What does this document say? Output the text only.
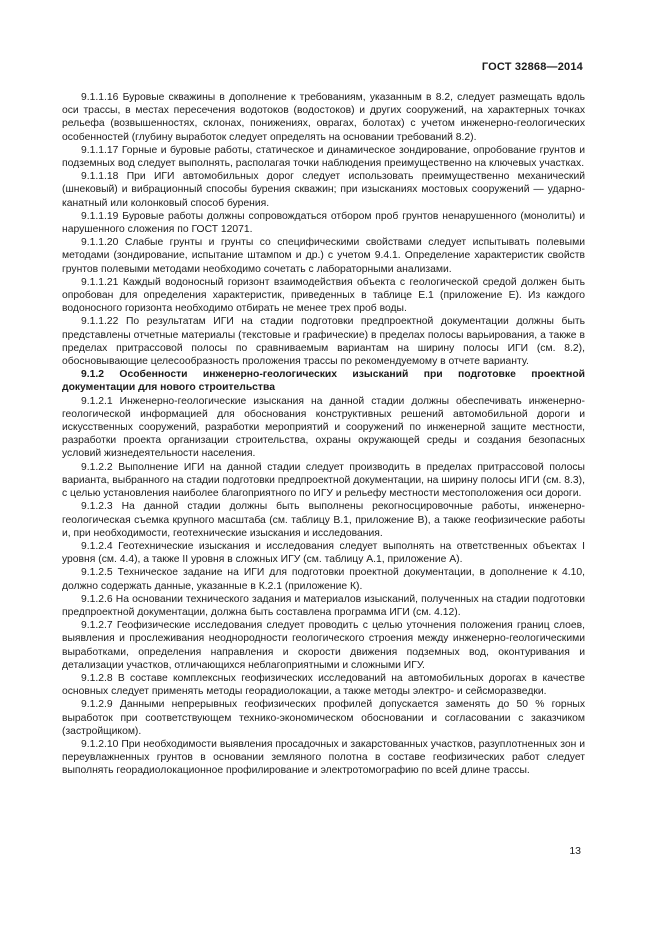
ГОСТ 32868—2014

9.1.1.16 Буровые скважины в дополнение к требованиям, указанным в 8.2, следует размещать вдоль оси трассы, в местах пересечения водотоков (водостоков) и других сооружений, на характерных точках рельефа (возвышенностях, склонах, понижениях, оврагах, болотах) с учетом инженерно-геологических особенностей (глубину выработок следует определять на основании требований 8.2).

9.1.1.17 Горные и буровые работы, статическое и динамическое зондирование, опробование грунтов и подземных вод следует выполнять, располагая точки наблюдения преимущественно на ключевых участках.

9.1.1.18 При ИГИ автомобильных дорог следует использовать преимущественно механический (шнековый) и вибрационный способы бурения скважин; при изысканиях мостовых сооружений — ударно-канатный или колонковый способ бурения.

9.1.1.19 Буровые работы должны сопровождаться отбором проб грунтов ненарушенного (монолиты) и нарушенного сложения по ГОСТ 12071.

9.1.1.20 Слабые грунты и грунты со специфическими свойствами следует испытывать полевыми методами (зондирование, испытание штампом и др.) с учетом 9.4.1. Определение характеристик свойств грунтов полевыми методами необходимо сочетать с лабораторными анализами.

9.1.1.21 Каждый водоносный горизонт взаимодействия объекта с геологической средой должен быть опробован для определения характеристик, приведенных в таблице Е.1 (приложение Е). Из каждого водоносного горизонта необходимо отбирать не менее трех проб воды.

9.1.1.22 По результатам ИГИ на стадии подготовки предпроектной документации должны быть представлены отчетные материалы (текстовые и графические) в пределах полосы варьирования, а также в пределах притрассовой полосы по сравниваемым вариантам на ширину полосы ИГИ (см. 8.2), обосновывающие целесообразность проложения трассы по рекомендуемому в отчете варианту.

9.1.2 Особенности инженерно-геологических изысканий при подготовке проектной документации для нового строительства

9.1.2.1 Инженерно-геологические изыскания на данной стадии должны обеспечивать инженерно-геологической информацией для обоснования конструктивных решений автомобильной дороги и искусственных сооружений, разработки мероприятий и сооружений по инженерной защите местности, разработки проекта организации строительства, охраны окружающей среды и создания безопасных условий жизнедеятельности населения.

9.1.2.2 Выполнение ИГИ на данной стадии следует производить в пределах притрассовой полосы варианта, выбранного на стадии подготовки предпроектной документации, на ширину полосы ИГИ (см. 8.3), с целью установления наиболее благоприятного по ИГУ и рельефу местности местоположения оси дороги.

9.1.2.3 На данной стадии должны быть выполнены рекогносцировочные работы, инженерно-геологическая съемка крупного масштаба (см. таблицу В.1, приложение В), а также геофизические работы и, при необходимости, геотехнические изыскания и исследования.

9.1.2.4 Геотехнические изыскания и исследования следует выполнять на ответственных объектах I уровня (см. 4.4), а также II уровня в сложных ИГУ (см. таблицу А.1, приложение А).

9.1.2.5 Техническое задание на ИГИ для подготовки проектной документации, в дополнение к 4.10, должно содержать данные, указанные в К.2.1 (приложение К).

9.1.2.6 На основании технического задания и материалов изысканий, полученных на стадии подготовки предпроектной документации, должна быть составлена программа ИГИ (см. 4.12).

9.1.2.7 Геофизические исследования следует проводить с целью уточнения положения границ слоев, выявления и прослеживания неоднородности геологического строения между инженерно-геологическими выработками, определения направления и скорости движения подземных вод, оконтуривания и детализации участков, отличающихся неблагоприятными и сложными ИГУ.

9.1.2.8 В составе комплексных геофизических исследований на автомобильных дорогах в качестве основных следует применять методы георадиолокации, а также методы электро- и сейсморазведки.

9.1.2.9 Данными непрерывных геофизических профилей допускается заменять до 50 % горных выработок при соответствующем технико-экономическом обосновании и согласовании с заказчиком (застройщиком).

9.1.2.10 При необходимости выявления просадочных и закарстованных участков, разуплотненных зон и переувлажненных грунтов в основании земляного полотна в составе геофизических работ следует выполнять георадиолокационное профилирование и электротомографию по всей длине трассы.

13
